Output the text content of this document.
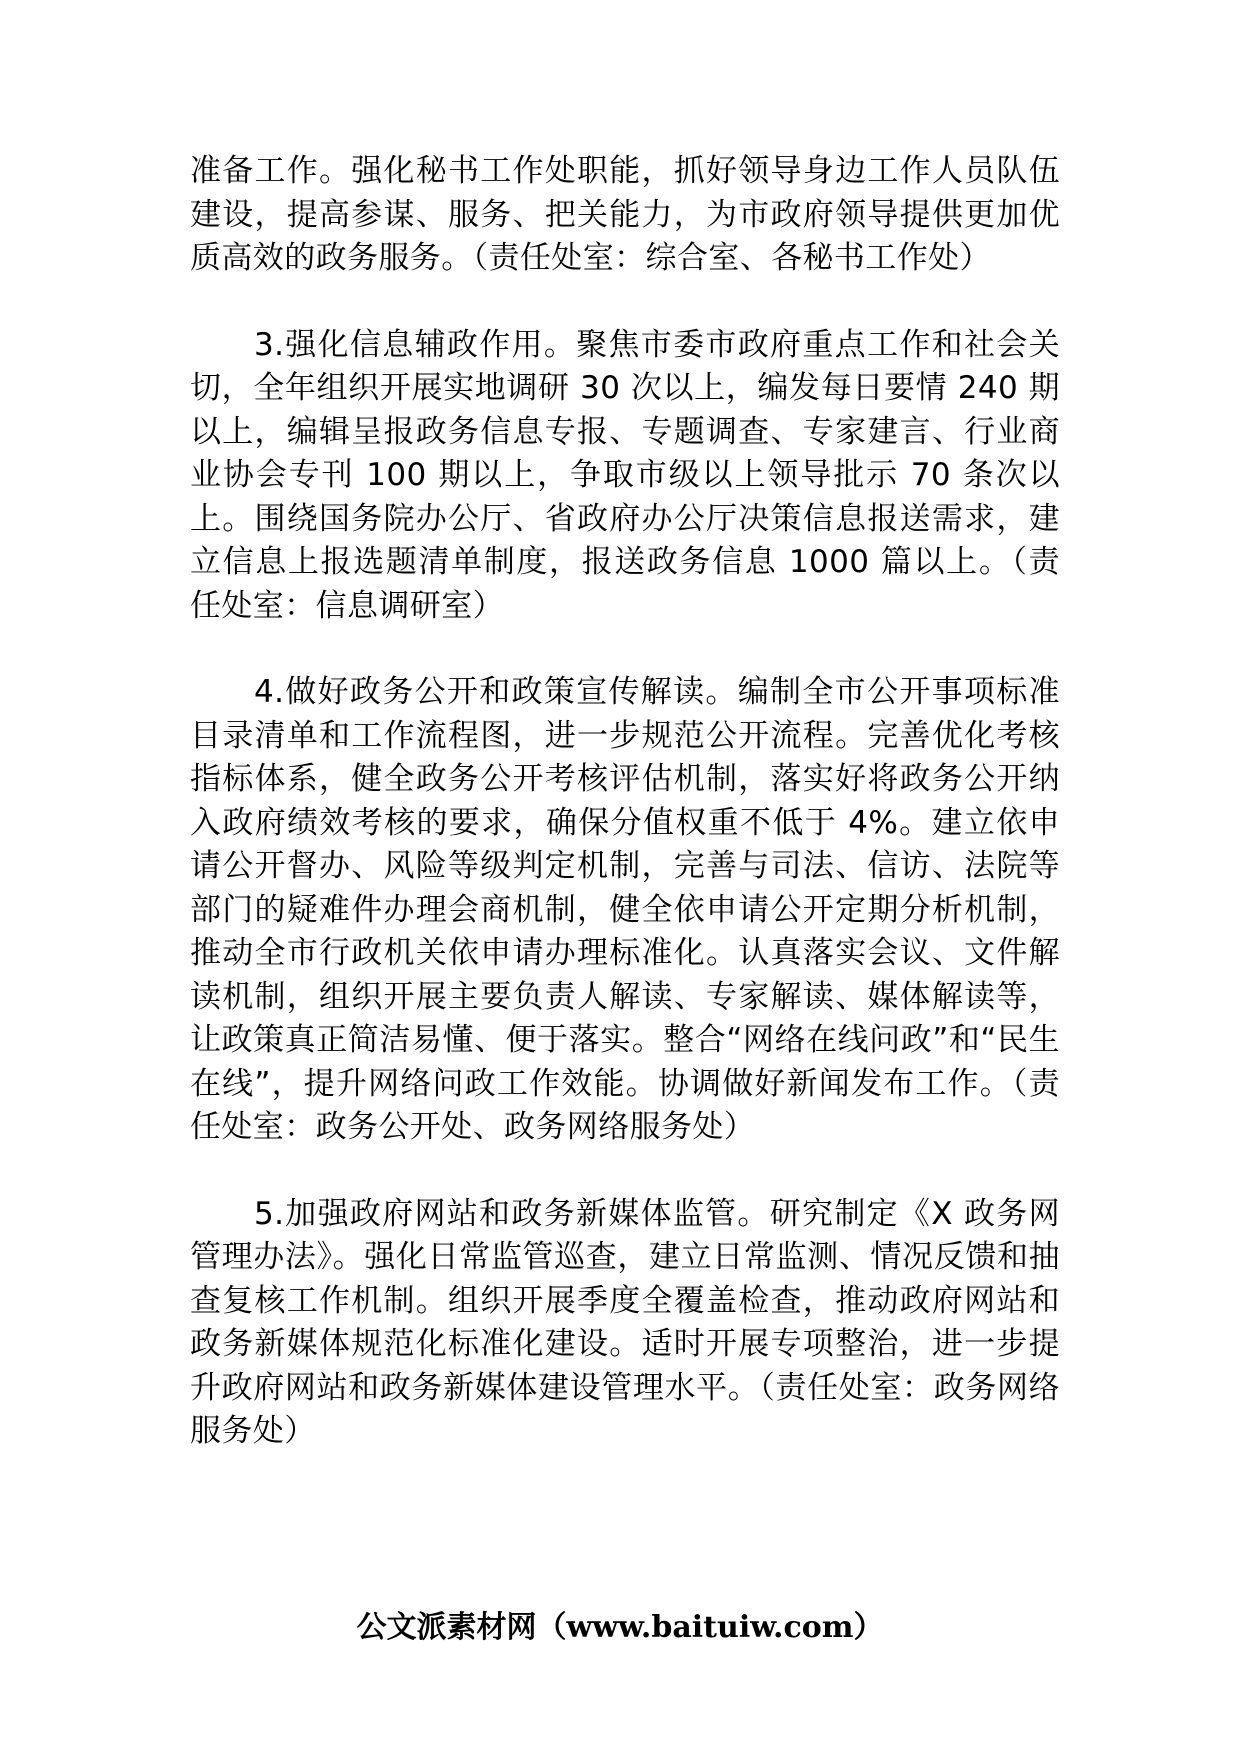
准备工作。强化秘书工作处职能，抓好领导身边工作人员队伍建设，提高参谋、服务、把关能力，为市政府领导提供更加优质高效的政务服务。（责任处室：综合室、各秘书工作处）

3.强化信息辅政作用。聚焦市委市政府重点工作和社会关切，全年组织开展实地调研 30 次以上，编发每日要情 240 期以上，编辑呈报政务信息专报、专题调查、专家建言、行业商业协会专刊 100 期以上，争取市级以上领导批示 70 条次以上。围绕国务院办公厅、省政府办公厅决策信息报送需求，建立信息上报选题清单制度，报送政务信息 1000 篇以上。（责任处室：信息调研室）

4.做好政务公开和政策宣传解读。编制全市公开事项标准目录清单和工作流程图，进一步规范公开流程。完善优化考核指标体系，健全政务公开考核评估机制，落实好将政务公开纳入政府绩效考核的要求，确保分值权重不低于 4%。建立依申请公开督办、风险等级判定机制，完善与司法、信访、法院等部门的疑难件办理会商机制，健全依申请公开定期分析机制，推动全市行政机关依申请办理标准化。认真落实会议、文件解读机制，组织开展主要负责人解读、专家解读、媒体解读等，让政策真正简洁易懂、便于落实。整合“网络在线问政”和“民生在线”，提升网络问政工作效能。协调做好新闻发布工作。（责任处室：政务公开处、政务网络服务处）

5.加强政府网站和政务新媒体监管。研究制定《X 政务网管理办法》。强化日常监管巡查，建立日常监测、情况反馈和抽查复核工作机制。组织开展季度全覆盖检查，推动政府网站和政务新媒体规范化标准化建设。适时开展专项整治，进一步提升政府网站和政务新媒体建设管理水平。（责任处室：政务网络服务处）

公文派素材网（www.baituiw.com）
